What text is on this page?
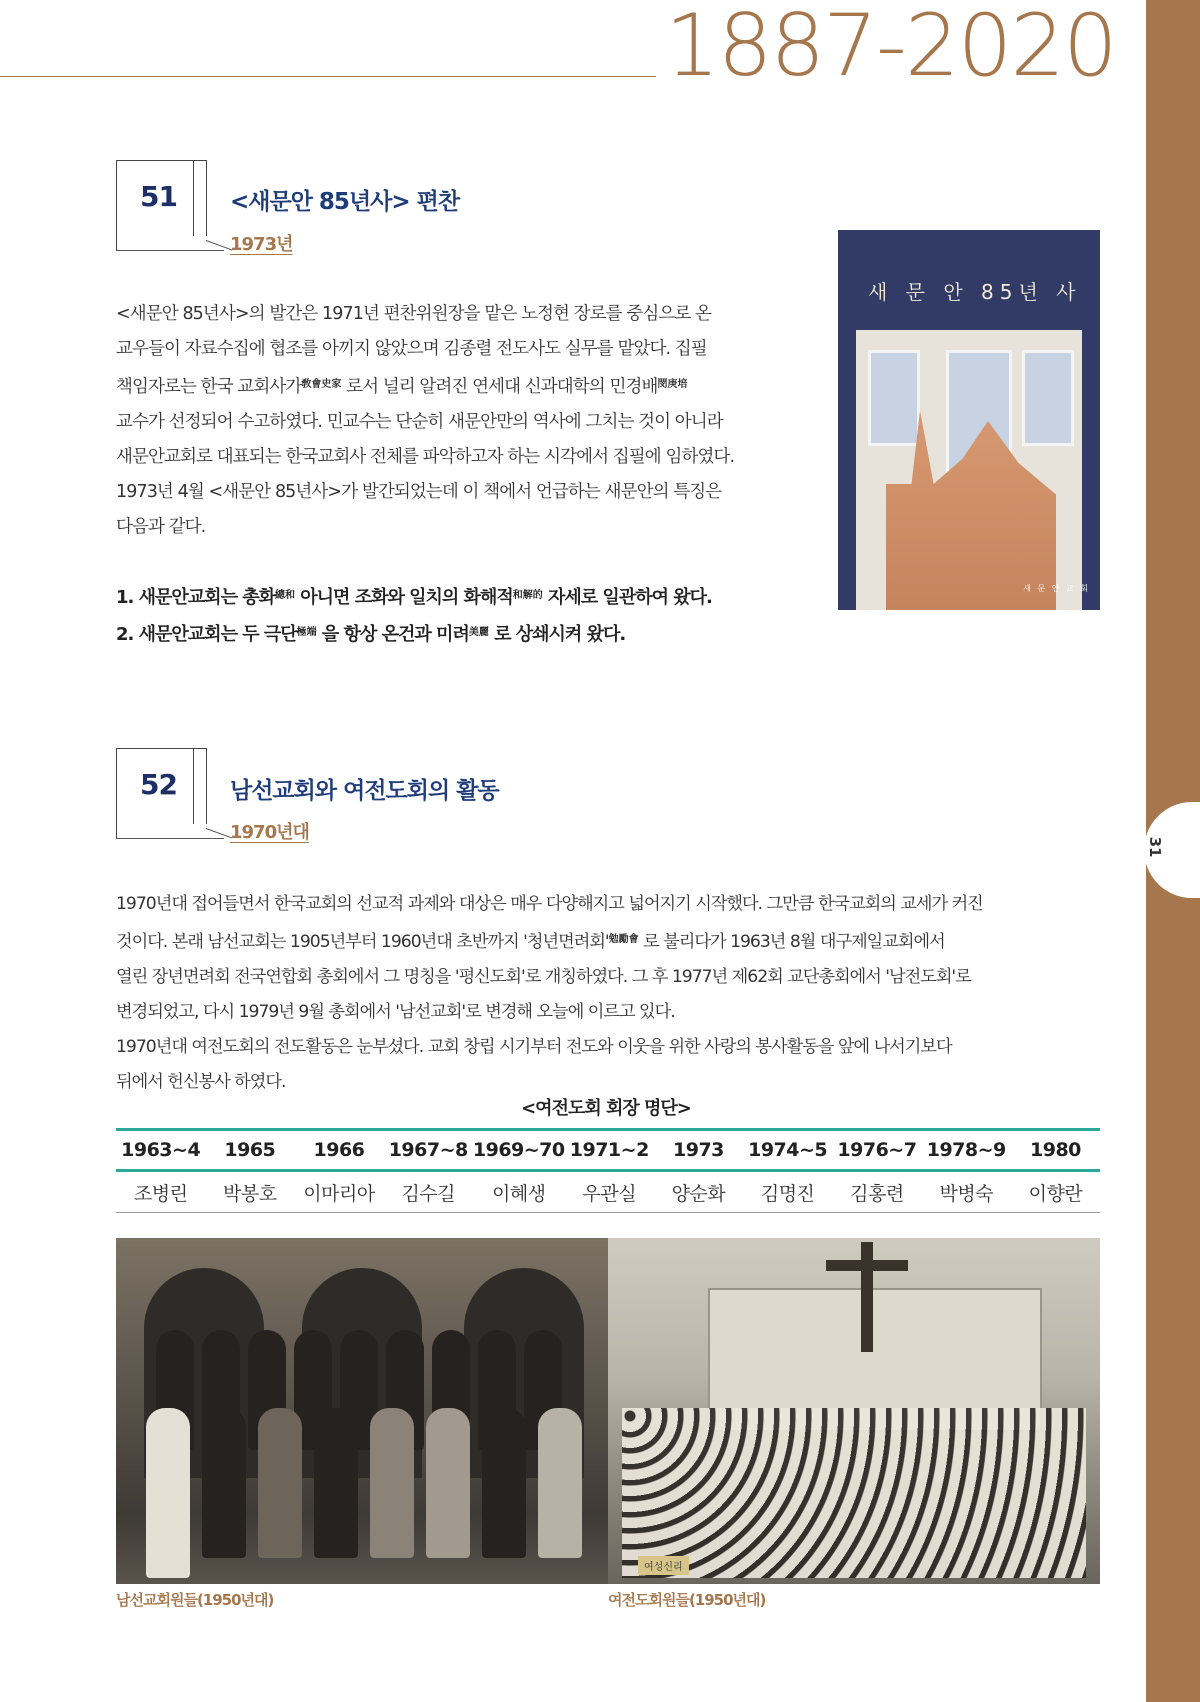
31
1887-2020
51 <새문안 85년사> 편찬
1973년

<새문안 85년사>의 발간은 1971년 편찬위원장을 맡은 노정현 장로를 중심으로 온

교우들이 자료수집에 협조를 아끼지 않았으며 김종렬 전도사도 실무를 맡았다. 집필

책임자로는 한국 교회사가$^{敎會史家}$ 로서 널리 알려진 연세대 신과대학의 민경배$^{閔庚培}$

교수가 선정되어 수고하였다. 민교수는 단순히 새문안만의 역사에 그치는 것이 아니라

새문안교회로 대표되는 한국교회사 전체를 파악하고자 하는 시각에서 집필에 임하였다.

1973년 4월 <새문안 85년사>가 발간되었는데 이 책에서 언급하는 새문안의 특징은

다음과 같다.

1. 새문안교회는 총화$^{總和}$ 아니면 조화와 일치의 화해적$^{和解的}$ 자세로 일관하여 왔다.
2. 새문안교회는 두 극단$^{極端}$ 을 항상 온건과 미려$^{美麗}$ 로 상쇄시켜 왔다.
새 문 안 85년 사
새 문 안 교 회
52 남선교회와 여전도회의 활동
1970년대

1970년대 접어들면서 한국교회의 선교적 과제와 대상은 매우 다양해지고 넓어지기 시작했다. 그만큼 한국교회의 교세가 커진

것이다. 본래 남선교회는 1905년부터 1960년대 초반까지 '청년면려회'$^{勉勵會}$ 로 불리다가 1963년 8월 대구제일교회에서

열린 장년면려회 전국연합회 총회에서 그 명칭을 '평신도회'로 개칭하였다. 그 후 1977년 제62회 교단총회에서 '남전도회'로

변경되었고, 다시 1979년 9월 총회에서 '남선교회'로 변경해 오늘에 이르고 있다.

1970년대 여전도회의 전도활동은 눈부셨다. 교회 창립 시기부터 전도와 이웃을 위한 사랑의 봉사활동을 앞에 나서기보다

뒤에서 헌신봉사 하였다.

<여전도회 회장 명단>
1963~4	1965	1966	1967~8	1969~70	1971~2	1973	1974~5	1976~7	1978~9	1980
조병린	박봉호	이마리아	김수길	이혜생	우관실	양순화	김명진	김홍련	박병숙	이향란
여성신리
남선교회원들(1950년대)	여전도회원들(1950년대)
